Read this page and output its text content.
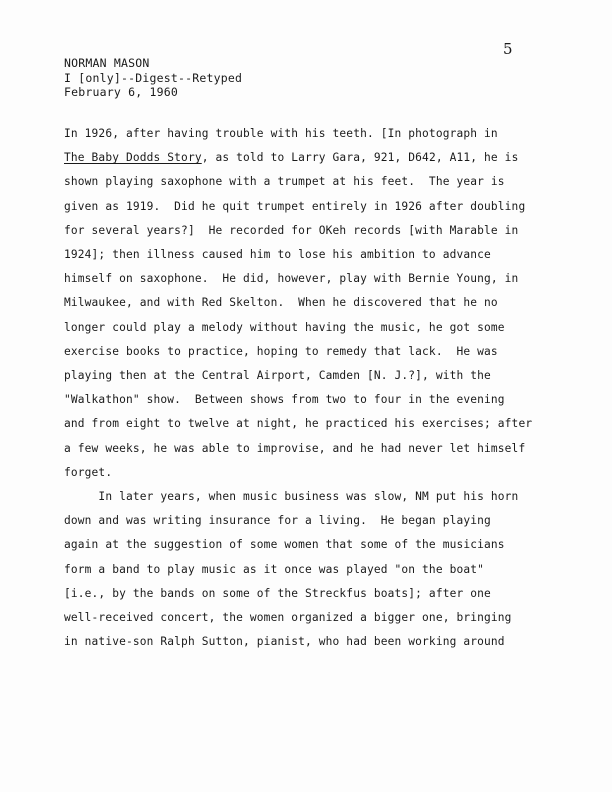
5
NORMAN MASON
I [only]--Digest--Retyped
February 6, 1960
In 1926, after having trouble with his teeth. [In photograph in
The Baby Dodds Story, as told to Larry Gara, 921, D642, A11, he is
shown playing saxophone with a trumpet at his feet.  The year is
given as 1919.  Did he quit trumpet entirely in 1926 after doubling
for several years?]  He recorded for OKeh records [with Marable in
1924]; then illness caused him to lose his ambition to advance
himself on saxophone.  He did, however, play with Bernie Young, in
Milwaukee, and with Red Skelton.  When he discovered that he no
longer could play a melody without having the music, he got some
exercise books to practice, hoping to remedy that lack.  He was
playing then at the Central Airport, Camden [N. J.?], with the
"Walkathon" show.  Between shows from two to four in the evening
and from eight to twelve at night, he practiced his exercises; after
a few weeks, he was able to improvise, and he had never let himself
forget.
In later years, when music business was slow, NM put his horn
down and was writing insurance for a living.  He began playing
again at the suggestion of some women that some of the musicians
form a band to play music as it once was played "on the boat"
[i.e., by the bands on some of the Streckfus boats]; after one
well-received concert, the women organized a bigger one, bringing
in native-son Ralph Sutton, pianist, who had been working around
